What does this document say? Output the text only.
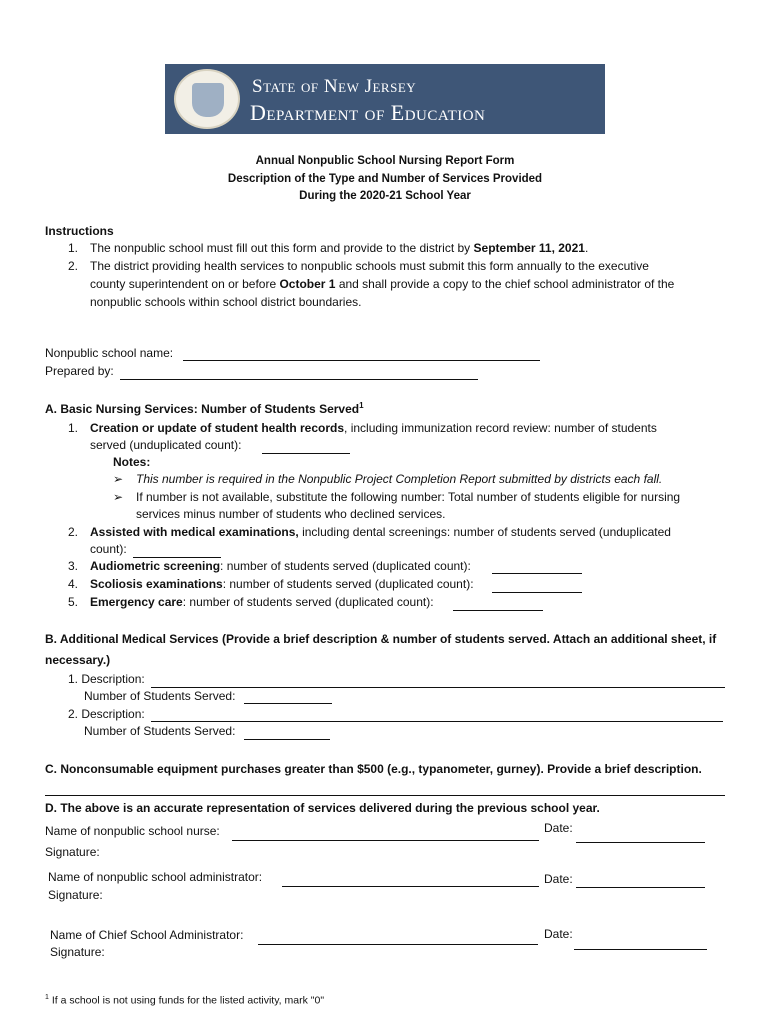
State of New Jersey
Department of Education
Annual Nonpublic School Nursing Report Form
Description of the Type and Number of Services Provided
During the 2020-21 School Year
Instructions
1. The nonpublic school must fill out this form and provide to the district by September 11, 2021.
2. The district providing health services to nonpublic schools must submit this form annually to the executive
county superintendent on or before October 1 and shall provide a copy to the chief school administrator of the
nonpublic schools within school district boundaries.
Nonpublic school name:
Prepared by:
A. Basic Nursing Services: Number of Students Served$^1$
1. Creation or update of student health records, including immunization record review: number of students
served (unduplicated count):
Notes:
➢ This number is required in the Nonpublic Project Completion Report submitted by districts each fall.
➢ If number is not available, substitute the following number: Total number of students eligible for nursing
services minus number of students who declined services.
2. Assisted with medical examinations, including dental screenings: number of students served (unduplicated
count):
3. Audiometric screening: number of students served (duplicated count):
4. Scoliosis examinations: number of students served (duplicated count):
5. Emergency care: number of students served (duplicated count):
B. Additional Medical Services (Provide a brief description & number of students served. Attach an additional sheet, if
necessary.)
1. Description:
Number of Students Served:
2. Description:
Number of Students Served:
C. Nonconsumable equipment purchases greater than $500 (e.g., typanometer, gurney). Provide a brief description.
D. The above is an accurate representation of services delivered during the previous school year.
Name of nonpublic school nurse:	Date:
Signature:
Name of nonpublic school administrator:	Date:
Signature:
Name of Chief School Administrator:	Date:
Signature:
$^1$ If a school is not using funds for the listed activity, mark "0"
